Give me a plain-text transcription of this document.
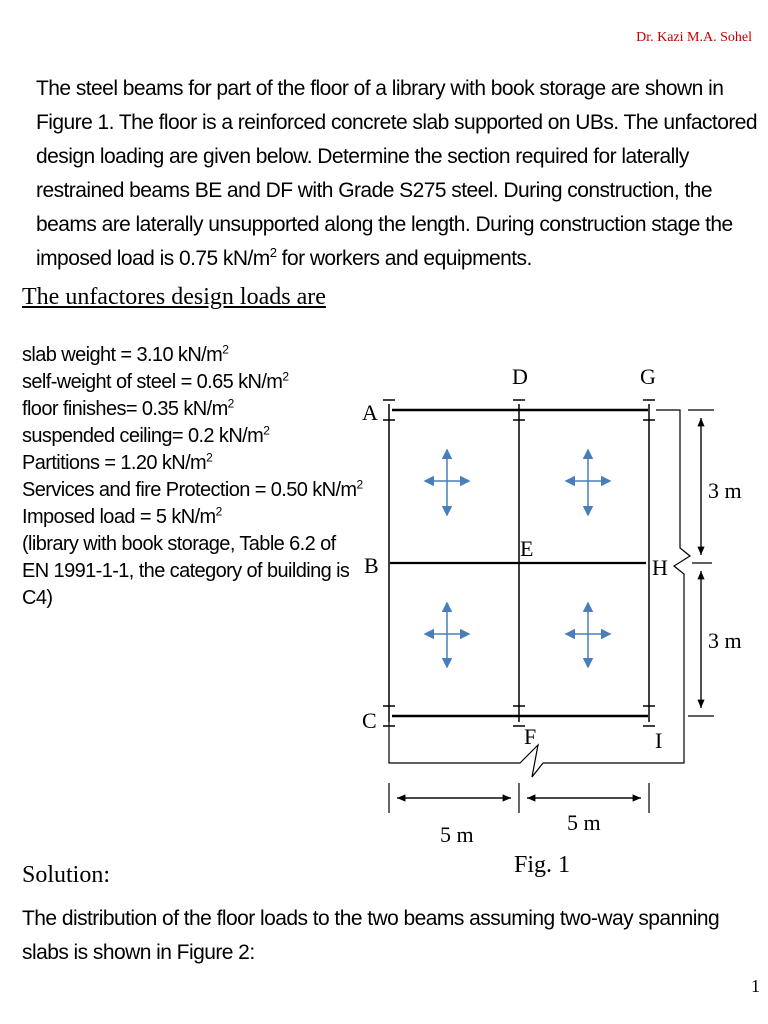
Dr. Kazi M.A. Sohel

The steel beams for part of the floor of a library with book storage are shown in Figure 1. The floor is a reinforced concrete slab supported on UBs. The unfactored design loading are given below. Determine the section required for laterally restrained beams BE and DF with Grade S275 steel. During construction, the beams are laterally unsupported along the length. During construction stage the imposed load is 0.75 $kN/m^2$ for workers and equipments.

The unfactores design loads are
slab weight = 3.10 $kN/m^2$
self-weight of steel = 0.65 $kN/m^2$
floor finishes= 0.35 $kN/m^2$
suspended ceiling= 0.2 $kN/m^2$
Partitions = 1.20 $kN/m^2$
Services and fire Protection = 0.50 $kN/m^2$
Imposed load = 5 $kN/m^2$
(library with book storage, Table 6.2 of EN 1991-1-1, the category of building is C4)
A
B
C
D
E
F
G
H
I
3 m
3 m
5 m	5 m
Fig. 1
Solution:
The distribution of the floor loads to the two beams assuming two-way spanning slabs is shown in Figure 2:
1
